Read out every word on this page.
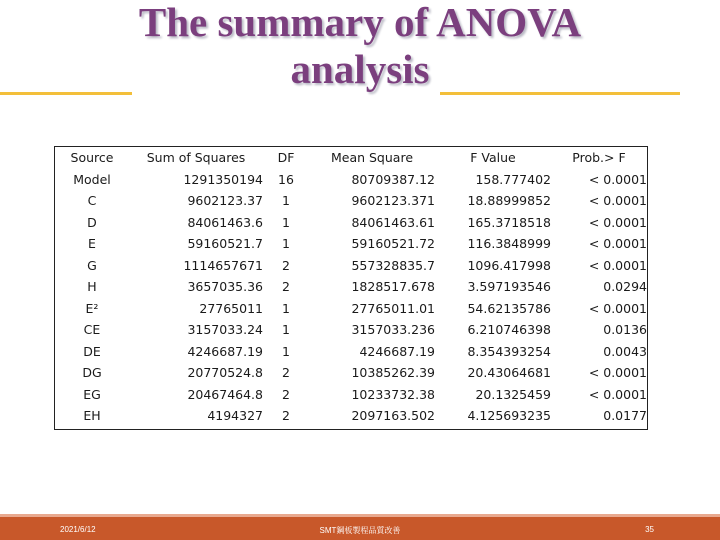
The summary of ANOVA
analysis
Source	Sum of Squares	DF	Mean Square	F Value	Prob.> F
Model	1291350194	16	80709387.12	158.777402	< 0.0001
C	9602123.37	1	9602123.371	18.88999852	< 0.0001
D	84061463.6	1	84061463.61	165.3718518	< 0.0001
E	59160521.7	1	59160521.72	116.3848999	< 0.0001
G	1114657671	2	557328835.7	1096.417998	< 0.0001
H	3657035.36	2	1828517.678	3.597193546	0.0294
E²	27765011	1	27765011.01	54.62135786	< 0.0001
CE	3157033.24	1	3157033.236	6.210746398	0.0136
DE	4246687.19	1	4246687.19	8.354393254	0.0043
DG	20770524.8	2	10385262.39	20.43064681	< 0.0001
EG	20467464.8	2	10233732.38	20.1325459	< 0.0001
EH	4194327	2	2097163.502	4.125693235	0.0177
2021/6/12	SMT鋼板製程品質改善	35
